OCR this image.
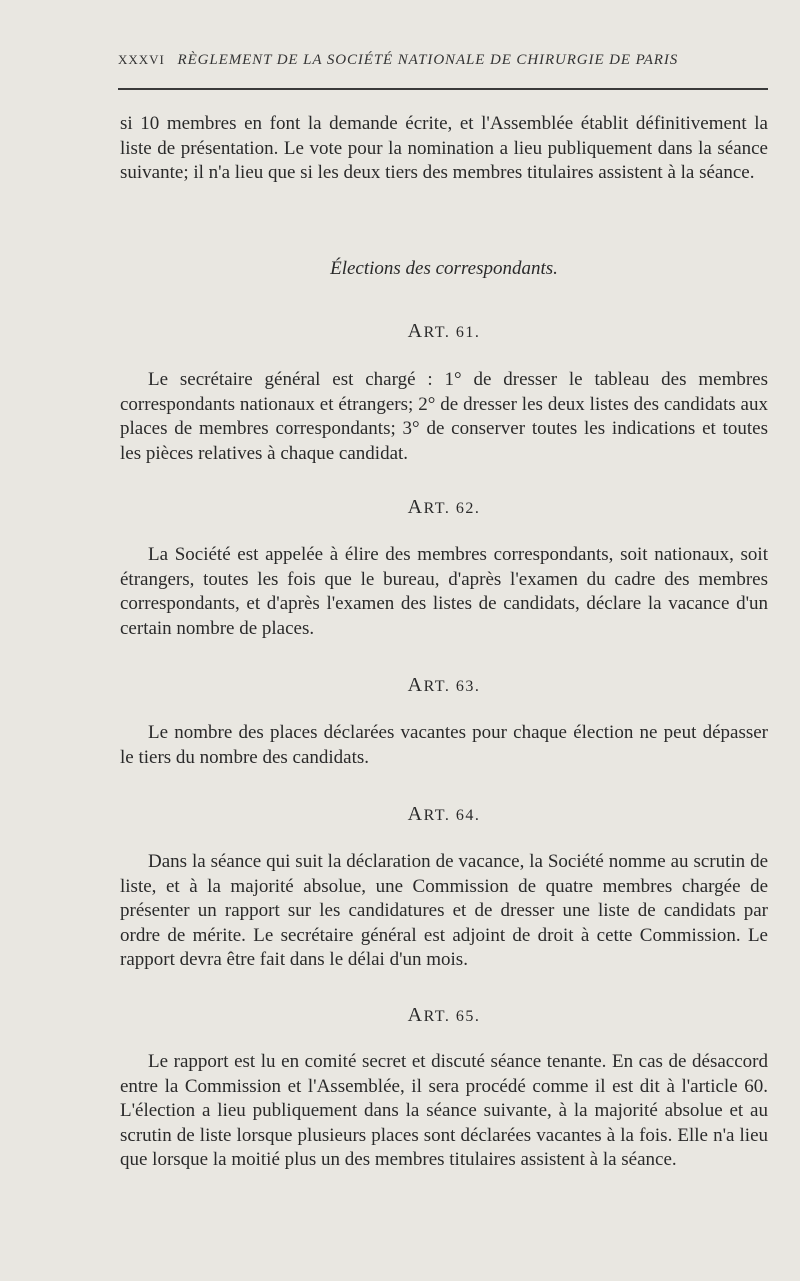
XXXVI RÈGLEMENT DE LA SOCIÉTÉ NATIONALE DE CHIRURGIE DE PARIS
si 10 membres en font la demande écrite, et l'Assemblée établit définitivement la liste de présentation. Le vote pour la nomination a lieu publiquement dans la séance suivante; il n'a lieu que si les deux tiers des membres titulaires assistent à la séance.
Élections des correspondants.
ART. 61.
Le secrétaire général est chargé : 1° de dresser le tableau des membres correspondants nationaux et étrangers; 2° de dresser les deux listes des candidats aux places de membres correspondants; 3° de conserver toutes les indications et toutes les pièces relatives à chaque candidat.
ART. 62.
La Société est appelée à élire des membres correspondants, soit nationaux, soit étrangers, toutes les fois que le bureau, d'après l'examen du cadre des membres correspondants, et d'après l'examen des listes de candidats, déclare la vacance d'un certain nombre de places.
ART. 63.
Le nombre des places déclarées vacantes pour chaque élection ne peut dépasser le tiers du nombre des candidats.
ART. 64.
Dans la séance qui suit la déclaration de vacance, la Société nomme au scrutin de liste, et à la majorité absolue, une Commission de quatre membres chargée de présenter un rapport sur les candidatures et de dresser une liste de candidats par ordre de mérite. Le secrétaire général est adjoint de droit à cette Commission. Le rapport devra être fait dans le délai d'un mois.
ART. 65.
Le rapport est lu en comité secret et discuté séance tenante. En cas de désaccord entre la Commission et l'Assemblée, il sera procédé comme il est dit à l'article 60. L'élection a lieu publiquement dans la séance suivante, à la majorité absolue et au scrutin de liste lorsque plusieurs places sont déclarées vacantes à la fois. Elle n'a lieu que lorsque la moitié plus un des membres titulaires assistent à la séance.
